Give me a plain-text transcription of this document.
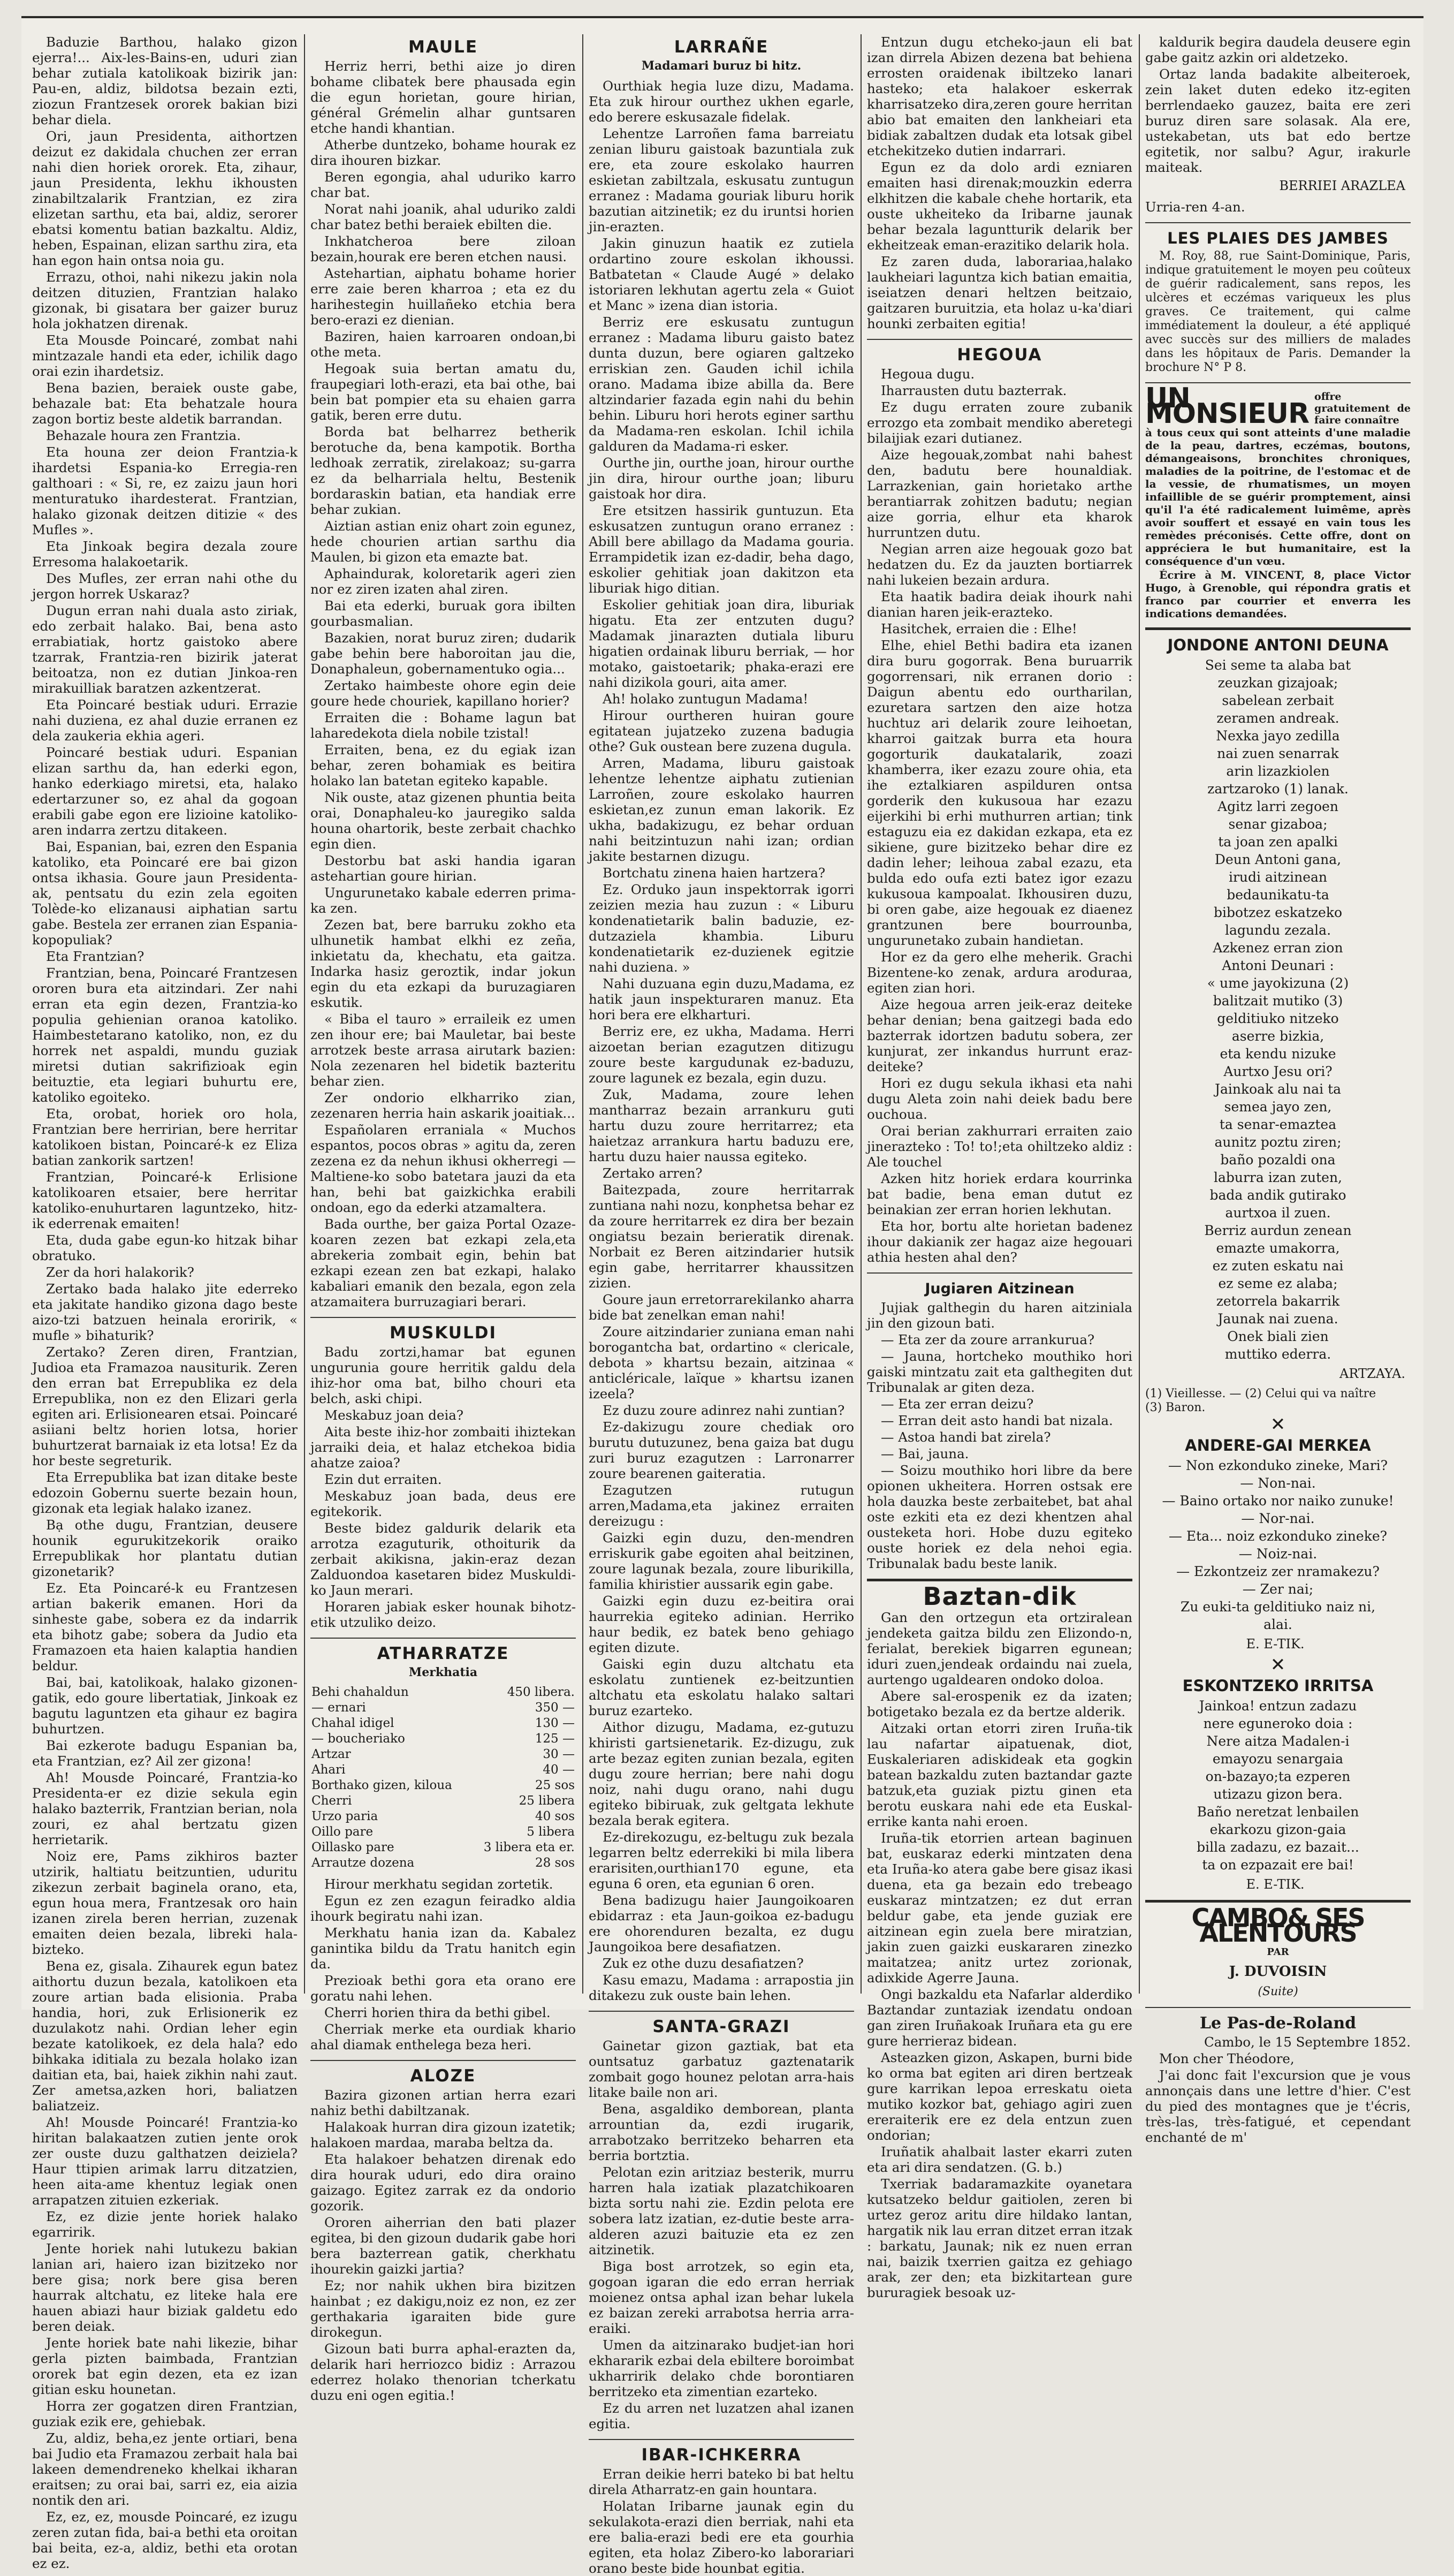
Baduzie Barthou, halako gizon ejerra!... Aix-les-Bains-en, uduri zian behar zutiala katolikoak bizirik jan: Pau-en, aldiz, bildotsa bezain ezti, ziozun Frantzesek ororek bakian bizi behar diela.

Ori, jaun Presidenta, aithortzen deizut ez dakidala chuchen zer erran nahi dien horiek ororek. Eta, zihaur, jaun Presidenta, lekhu ikhousten zinabiltzalarik Frantzian, ez zira elizetan sarthu, eta bai, aldiz, serorer ebatsi komentu batian bazkaltu. Aldiz, heben, Espainan, elizan sarthu zira, eta han egon hain ontsa noia gu.

Errazu, othoi, nahi nikezu jakin nola deitzen dituzien, Frantzian halako gizonak, bi gisatara ber gaizer buruz hola jokhatzen direnak.

Eta Mousde Poincaré, zombat nahi mintzazale handi eta eder, ichilik dago orai ezin ihardetsiz.

Bena bazien, beraiek ouste gabe, behazale bat: Eta behatzale houra zagon bortiz beste aldetik barrandan.

Behazale houra zen Frantzia.

Eta houna zer deion Frantzia-k ihardetsi Espania-ko Erregia-ren galthoari : « Si, re, ez zaizu jaun hori menturatuko ihardesterat. Frantzian, halako gizonak deitzen ditizie « des Mufles ».

Eta Jinkoak begira dezala zoure Erresoma halakoetarik.

Des Mufles, zer erran nahi othe du jergon horrek Uskaraz?

Dugun erran nahi duala asto ziriak, edo zerbait halako. Bai, bena asto errabiatiak, hortz gaistoko abere tzarrak, Frantzia-ren bizirik jaterat beitoatza, non ez dutian Jinkoa-ren mirakuilliak baratzen azkentzerat.

Eta Poincaré bestiak uduri. Errazie nahi duziena, ez ahal duzie erranen ez dela zaukeria ekhia ageri.

Poincaré bestiak uduri. Espanian elizan sarthu da, han ederki egon, hanko ederkiago miretsi, eta, halako edertarzuner so, ez ahal da gogoan erabili gabe egon ere lizioine katoliko-aren indarra zertzu ditakeen.

Bai, Espanian, bai, ezren den Espania katoliko, eta Poincaré ere bai gizon ontsa ikhasia. Goure jaun Presidenta-ak, pentsatu du ezin zela egoiten Tolède-ko elizanausi aiphatian sartu gabe. Bestela zer erranen zian Espania-kopopuliak?

Eta Frantzian?

Frantzian, bena, Poincaré Frantzesen ororen bura eta aitzindari. Zer nahi erran eta egin dezen, Frantzia-ko populia gehienian oranoa katoliko. Haimbestetarano katoliko, non, ez du horrek net aspaldi, mundu guziak miretsi dutian sakrifizioak egin beituztie, eta legiari buhurtu ere, katoliko egoiteko.

Eta, orobat, horiek oro hola, Frantzian bere herririan, bere herritar katolikoen bistan, Poincaré-k ez Eliza batian zankorik sartzen!

Frantzian, Poincaré-k Erlisione katolikoaren etsaier, bere herritar katoliko-enuhurtaren laguntzeko, hitz-ik ederrenak emaiten!

Eta, duda gabe egun-ko hitzak bihar obratuko.

Zer da hori halakorik?

Zertako bada halako jite ederreko eta jakitate handiko gizona dago beste aizo-tzi batzuen heinala eroririk, « mufle » bihaturik?

Zertako? Zeren diren, Frantzian, Judioa eta Framazoa nausiturik. Zeren den erran bat Errepublika ez dela Errepublika, non ez den Elizari gerla egiten ari. Erlisionearen etsai. Poincaré asiiani beltz horien lotsa, horier buhurtzerat barnaiak iz eta lotsa! Ez da hor beste segreturik.

Eta Errepublika bat izan ditake beste edozoin Gobernu suerte bezain houn, gizonak eta legiak halako izanez.

Bạ othe dugu, Frantzian, deusere hounik egurukitzekorik oraiko Errepublikak hor plantatu dutian gizonetarik?

Ez. Eta Poincaré-k eu Frantzesen artian bakerik emanen. Hori da sinheste gabe, sobera ez da indarrik eta bihotz gabe; sobera da Judio eta Framazoen eta haien kalaptia handien beldur.

Bai, bai, katolikoak, halako gizonen-gatik, edo goure libertatiak, Jinkoak ez bagutu laguntzen eta gihaur ez bagira buhurtzen.

Bai ezkerote badugu Espanian ba, eta Frantzian, ez? Ail zer gizona!

Ah! Mousde Poincaré, Frantzia-ko Presidenta-er ez dizie sekula egin halako bazterrik, Frantzian berian, nola zouri, ez ahal bertzatu gizen herrietarik.

Noiz ere, Pams zikhiros bazter utzirik, haltiatu beitzuntien, uduritu zikezun zerbait baginela orano, eta, egun houa mera, Frantzesak oro hain izanen zirela beren herrian, zuzenak emaiten deien bezala, libreki hala-bizteko.

Bena ez, gisala. Zihaurek egun batez aithortu duzun bezala, katolikoen eta zoure artian bada elisionia. Praba handia, hori, zuk Erlisionerik ez duzulakotz nahi. Ordian leher egin bezate katolikoek, ez dela hala? edo bihkaka iditiala zu bezala holako izan daitian eta, bai, haiek zikhin nahi zaut. Zer ametsa,azken hori, baliatzen baliatzeiz.

Ah! Mousde Poincaré! Frantzia-ko hiritan balakaatzen zutien jente orok zer ouste duzu galthatzen deiziela? Haur ttipien arimak larru ditzatzien, heen aita-ame khentuz legiak onen arrapatzen zituien ezkeriak.

Ez, ez dizie jente horiek halako egarririk.

Jente horiek nahi lutukezu bakian lanian ari, haiero izan bizitzeko nor bere gisa; nork bere gisa beren haurrak altchatu, ez liteke hala ere hauen abiazi haur biziak galdetu edo beren deiak.

Jente horiek bate nahi likezie, bihar gerla pizten baimbada, Frantzian ororek bat egin dezen, eta ez izan gitian esku hounetan.

Horra zer gogatzen diren Frantzian, guziak ezik ere, gehiebak.

Zu, aldiz, beha,ez jente ortiari, bena bai Judio eta Framazou zerbait hala bai lakeen demendreneko khelkai ikharan eraitsen; zu orai bai, sarri ez, eia aizia nontik den ari.

Ez, ez, ez, mousde Poincaré, ez izugu zeren zutan fida, bai-a bethi eta oroitan bai beita, ez-a, aldiz, bethi eta orotan ez ez.

MAULE

Herriz herri, bethi aize jo diren bohame clibatek bere phausada egin die egun horietan, goure hirian, général Grémelin alhar guntsaren etche handi khantian.

Atherbe duntzeko, bohame hourak ez dira ihouren bizkar.

Beren egongia, ahal uduriko karro char bat.

Norat nahi joanik, ahal uduriko zaldi char batez bethi beraiek ebilten die.

Inkhatcheroa bere ziloan bezain,hourak ere beren etchen nausi.

Astehartian, aiphatu bohame horier erre zaie beren kharroa ; eta ez du harihestegin huillañeko etchia bera bero-erazi ez dienian.

Baziren, haien karroaren ondoan,bi othe meta.

Hegoak suia bertan amatu du, fraupegiari loth-erazi, eta bai othe, bai bein bat pompier eta su ehaien garra gatik, beren erre dutu.

Borda bat belharrez betherik berotuche da, bena kampotik. Bortha ledhoak zerratik, zirelakoaz; su-garra ez da belharriala heltu, Bestenik bordaraskin batian, eta handiak erre behar zukian.

Aiztian astian eniz ohart zoin egunez, hede chourien artian sarthu dia Maulen, bi gizon eta emazte bat.

Aphaindurak, koloretarik ageri zien nor ez ziren izaten ahal ziren.

Bai eta ederki, buruak gora ibilten gourbasmalian.

Bazakien, norat buruz ziren; dudarik gabe behin bere haboroitan jau die, Donaphaleun, gobernamentuko ogia...

Zertako haimbeste ohore egin deie goure hede chouriek, kapillano horier?

Erraiten die : Bohame lagun bat laharedekota diela nobile tzistal!

Erraiten, bena, ez du egiak izan behar, zeren bohamiak es beitira holako lan batetan egiteko kapable.

Nik ouste, ataz gizenen phuntia beita orai, Donaphaleu-ko jauregiko salda houna ohartorik, beste zerbait chachko egin dien.

Destorbu bat aski handia igaran astehartian goure hirian.

Ungurunetako kabale ederren prima-ka zen.

Zezen bat, bere barruku zokho eta ulhunetik hambat elkhi ez zeña, inkietatu da, khechatu, eta gaitza. Indarka hasiz geroztik, indar jokun egin du eta ezkapi da buruzagiaren eskutik.

« Biba el tauro » erraileik ez umen zen ihour ere; bai Mauletar, bai beste arrotzek beste arrasa airutark bazien: Nola zezenaren hel bidetik bazteritu behar zien.

Zer ondorio elkharriko zian, zezenaren herria hain askarik joaitiak...

Españolaren erraniala « Muchos espantos, pocos obras » agitu da, zeren zezena ez da nehun ikhusi okherregi — Maltiene-ko sobo batetara jauzi da eta han, behi bat gaizkichka erabili ondoan, ego da ederki atzamaltera.

Bada ourthe, ber gaiza Portal Ozaze-koaren zezen bat ezkapi zela,eta abrekeria zombait egin, behin bat ezkapi ezean zen bat ezkapi, halako kabaliari emanik den bezala, egon zela atzamaitera burruzagiari berari.

MUSKULDI

Badu zortzi,hamar bat egunen ungurunia goure herritik galdu dela ihiz-hor oma bat, bilho chouri eta belch, aski chipi.

Meskabuz joan deia?

Aita beste ihiz-hor zombaiti ihiztekan jarraiki deia, et halaz etchekoa bidia ahatze zaioa?

Ezin dut erraiten.

Meskabuz joan bada, deus ere egitekorik.

Beste bidez galdurik delarik eta arrotza ezaguturik, othoiturik da zerbait akikisna, jakin-eraz dezan Zalduondoa kasetaren bidez Muskuldi-ko Jaun merari.

Horaren jabiak esker hounak bihotz-etik utzuliko deizo.

ATHARRATZE
Merkhatia
Behi chahaldun	450 libera.
— ernari	350 —
Chahal idigel	130 —
— boucheriako	125 —
Artzar	30 —
Ahari	40 —
Borthako gizen, kiloua	25 sos
Cherri	25 libera
Urzo paria	40 sos
Oillo pare	5 libera
Oillasko pare	3 libera eta er.
Arrautze dozena	28 sos

Hirour merkhatu segidan zortetik.

Egun ez zen ezagun feiradko aldia ihourk begiratu nahi izan.

Merkhatu hania izan da. Kabalez ganintika bildu da Tratu hanitch egin da.

Prezioak bethi gora eta orano ere goratu nahi lehen.

Cherri horien thira da bethi gibel.

Cherriak merke eta ourdiak khario ahal diamak enthelega beza heri.

ALOZE

Bazira gizonen artian herra ezari nahiz bethi dabiltzanak.

Halakoak hurran dira gizoun izatetik; halakoen mardaa, maraba beltza da.

Eta halakoer behatzen direnak edo dira hourak uduri, edo dira oraino gaizago. Egitez zarrak ez da ondorio gozorik.

Ororen aiherrian den bati plazer egitea, bi den gizoun dudarik gabe hori bera bazterrean gatik, cherkhatu ihourekin gaizki jartia?

Ez; nor nahik ukhen bira bizitzen hainbat ; ez dakigu,noiz ez non, ez zer gerthakaria igaraiten bide gure dirokegun.

Gizoun bati burra aphal-erazten da, delarik hari herriozco bidiz : Arrazou ederrez holako thenorian tcherkatu duzu eni ogen egitia.!

LARRAÑE
Madamari buruz bi hitz.

Ourthiak hegia luze dizu, Madama. Eta zuk hirour ourthez ukhen egarle, edo berere eskusazale fidelak.

Lehentze Larroñen fama barreiatu zenian liburu gaistoak bazuntiala zuk ere, eta zoure eskolako haurren eskietan zabiltzala, eskusatu zuntugun erranez : Madama gouriak liburu horik bazutian aitzinetik; ez du iruntsi horien jin-erazten.

Jakin ginuzun haatik ez zutiela ordartino zoure eskolan ikhoussi. Batbatetan « Claude Augé » delako istoriaren lekhutan agertu zela « Guiot et Manc » izena dian istoria.

Berriz ere eskusatu zuntugun erranez : Madama liburu gaisto batez dunta duzun, bere ogiaren galtzeko erriskian zen. Gauden ichil ichila orano. Madama ibize abilla da. Bere altzindarier fazada egin nahi du behin behin. Liburu hori herots eginer sarthu da Madama-ren eskolan. Ichil ichila galduren da Madama-ri esker.

Ourthe jin, ourthe joan, hirour ourthe jin dira, hirour ourthe joan; liburu gaistoak hor dira.

Ere etsitzen hassirik guntuzun. Eta eskusatzen zuntugun orano erranez : Abill bere abillago da Madama gouria. Errampidetik izan ez-dadir, beha dago, eskolier gehitiak joan dakitzon eta liburiak higo ditian.

Eskolier gehitiak joan dira, liburiak higatu. Eta zer entzuten dugu? Madamak jinarazten dutiala liburu higatien ordainak liburu berriak, — hor motako, gaistoetarik; phaka-erazi ere nahi dizikola gouri, aita amer.

Ah! holako zuntugun Madama!

Hirour ourtheren huiran goure egitatean jujatzeko zuzena badugia othe? Guk oustean bere zuzena dugula.

Arren, Madama, liburu gaistoak lehentze lehentze aiphatu zutienian Larroñen, zoure eskolako haurren eskietan,ez zunun eman lakorik. Ez ukha, badakizugu, ez behar orduan nahi beitzintuzun nahi izan; ordian jakite bestarnen dizugu.

Bortchatu zinena haien hartzera?

Ez. Orduko jaun inspektorrak igorri zeizien mezia hau zuzun : « Liburu kondenatietarik balin baduzie, ez-dutzaziela khambia. Liburu kondenatietarik ez-duzienek egitzie nahi duziena. »

Nahi duzuana egin duzu,Madama, ez hatik jaun inspekturaren manuz. Eta hori bera ere elkharturi.

Berriz ere, ez ukha, Madama. Herri aizoetan berian ezagutzen ditizugu zoure beste kargudunak ez-baduzu, zoure lagunek ez bezala, egin duzu.

Zuk, Madama, zoure lehen mantharraz bezain arrankuru guti hartu duzu zoure herritarrez; eta haietzaz arrankura hartu baduzu ere, hartu duzu haier naussa egiteko.

Zertako arren?

Baitezpada, zoure herritarrak zuntiana nahi nozu, konphetsa behar ez da zoure herritarrek ez dira ber bezain ongiatsu bezain berieratik direnak. Norbait ez Beren aitzindarier hutsik egin gabe, herritarrer khaussitzen zizien.

Goure jaun erretorrarekilanko aharra bide bat zenelkan eman nahi!

Zoure aitzindarier zuniana eman nahi borogantcha bat, ordartino « clericale, debota » khartsu bezain, aitzinaa « anticléricale, laïque » khartsu izanen izeela?

Ez duzu zoure adinrez nahi zuntian?

Ez-dakizugu zoure chediak oro burutu dutuzunez, bena gaiza bat dugu zuri buruz ezagutzen : Larronarrer zoure bearenen gaiteratia.

Ezagutzen rutugun arren,Madama,eta jakinez erraiten dereizugu :

Gaizki egin duzu, den-mendren erriskurik gabe egoiten ahal beitzinen, zoure lagunak bezala, zoure liburikilla, familia khiristier aussarik egin gabe.

Gaizki egin duzu ez-beitira orai haurrekia egiteko adinian. Herriko haur bedik, ez batek beno gehiago egiten dizute.

Gaiski egin duzu altchatu eta eskolatu zuntienek ez-beitzuntien altchatu eta eskolatu halako saltari buruz ezarteko.

Aithor dizugu, Madama, ez-gutuzu khiristi gartsienetarik. Ez-dizugu, zuk arte bezaz egiten zunian bezala, egiten dugu zoure herrian; bere nahi dogu noiz, nahi dugu orano, nahi dugu egiteko bibiruak, zuk geltgata lekhute bezala berak egitera.

Ez-direkozugu, ez-beltugu zuk bezala legarren beltz ederrekiki bi mila libera erarisiten,ourthian170 egune, eta eguna 6 oren, eta egunian 6 oren.

Bena badizugu haier Jaungoikoaren ebidarraz : eta Jaun-goikoa ez-badugu ere ohorenduren bezalta, ez dugu Jaungoikoa bere desafiatzen.

Zuk ez othe duzu desafiatzen?

Kasu emazu, Madama : arrapostia jin ditakezu zuk ouste bain lehen.

SANTA-GRAZI

Gainetar gizon gaztiak, bat eta ountsatuz garbatuz gaztenatarik zombait gogo hounez pelotan arra-hais litake baile non ari.

Bena, asgaldiko demborean, planta arrountian da, ezdi irugarik, arrabotzako berritzeko beharren eta berria bortztia.

Pelotan ezin aritziaz besterik, murru harren hala izatiak plazatchikoaren bizta sortu nahi zie. Ezdin pelota ere sobera latz izatian, ez-dutie beste arra-alderen azuzi baituzie eta ez zen aitzinetik.

Biga bost arrotzek, so egin eta, gogoan igaran die edo erran herriak moienez ontsa aphal izan behar lukela ez baizan zereki arrabotsa herria arra-eraiki.

Umen da aitzinarako budjet-ian hori ekhararik ezbai dela ebiltere boroimbat ukharririk delako chde borontiaren berritzeko eta zimentian ezarteko.

Ez du arren net luzatzen ahal izanen egitia.

IBAR-ICHKERRA

Erran deikie herri bateko bi bat heltu direla Atharratz-en gain hountara.

Holatan Iribarne jaunak egin du sekulakota-erazi dien berriak, nahi eta ere balia-erazi bedi ere eta gourhia egiten, eta holaz Zibero-ko laborariari orano beste bide hounbat egitia.

Entzun dugu etcheko-jaun eli bat izan dirrela Abizen dezena bat behiena errosten oraidenak ibiltzeko lanari hasteko; eta halakoer eskerrak kharrisatzeko dira,zeren goure herritan abio bat emaiten den lankheiari eta bidiak zabaltzen dudak eta lotsak gibel etchekitzeko dutien indarrari.

Egun ez da dolo ardi ezniaren emaiten hasi direnak;mouzkin ederra elkhitzen die kabale chehe hortarik, eta ouste ukheiteko da Iribarne jaunak behar bezala laguntturik delarik ber ekheitzeak eman-erazitiko delarik hola.

Ez zaren duda, laborariaa,halako laukheiari laguntza kich batian emaitia, iseiatzen denari heltzen beitzaio, gaitzaren buruitzia, eta holaz u-ka'diari hounki zerbaiten egitia!

HEGOUA

Hegoua dugu.

Iharrausten dutu bazterrak.

Ez dugu erraten zoure zubanik errozgo eta zombait mendiko aberetegi bilaijiak ezari dutianez.

Aize hegouak,zombat nahi bahest den, badutu bere hounaldiak. Larrazkenian, gain horietako arthe berantiarrak zohitzen badutu; negian aize gorria, elhur eta kharok hurruntzen dutu.

Negian arren aize hegouak gozo bat hedatzen du. Ez da jauzten bortiarrek nahi lukeien bezain ardura.

Eta haatik badira deiak ihourk nahi dianian haren jeik-erazteko.

Hasitchek, erraien die : Elhe!

Elhe, ehiel Bethi badira eta izanen dira buru gogorrak. Bena buruarrik gogorrensari, nik erranen dorio : Daigun abentu edo ourtharilan, ezuretara sartzen den aize hotza huchtuz ari delarik zoure leihoetan, kharroi gaitzak burra eta houra gogorturik daukatalarik, zoazi khamberra, iker ezazu zoure ohia, eta ihe eztalkiaren aspilduren ontsa gorderik den kukusoua har ezazu eijerkihi bi erhi muthurren artian; tink estaguzu eia ez dakidan ezkapa, eta ez sikiene, gure bizitzeko behar dire ez dadin leher; leihoua zabal ezazu, eta bulda edo oufa ezti batez igor ezazu kukusoua kampoalat. Ikhousiren duzu, bi oren gabe, aize hegouak ez diaenez grantzunen bere bourrounba, ungurunetako zubain handietan.

Hor ez da gero elhe meherik. Grachi Bizentene-ko zenak, ardura aroduraa, egiten zian hori.

Aize hegoua arren jeik-eraz deiteke behar denian; bena gaitzegi bada edo bazterrak idortzen badutu sobera, zer kunjurat, zer inkandus hurrunt eraz-deiteke?

Hori ez dugu sekula ikhasi eta nahi dugu Aleta zoin nahi deiek badu bere ouchoua.

Orai berian zakhurrari erraiten zaio jinerazteko : To! to!;eta ohiltzeko aldiz : Ale touchel

Azken hitz horiek erdara kourrinka bat badie, bena eman dutut ez beinakian zer erran horien lekhutan.

Eta hor, bortu alte horietan badenez ihour dakianik zer hagaz aize hegouari athia hesten ahal den?

Jugiaren Aitzinean

Jujiak galthegin du haren aitziniala jin den gizoun bati.

— Eta zer da zoure arrankurua?

— Jauna, hortcheko mouthiko hori gaiski mintzatu zait eta galthegiten dut Tribunalak ar giten deza.

— Eta zer erran deizu?

— Erran deit asto handi bat nizala.

— Astoa handi bat zirela?

— Bai, jauna.

— Soizu mouthiko hori libre da bere opionen ukheitera. Horren ostsak ere hola dauzka beste zerbaitebet, bat ahal oste ezkiti eta ez dezi khentzen ahal ousteketa hori. Hobe duzu egiteko ouste horiek ez dela nehoi egia. Tribunalak badu beste lanik.

Baztan-dik

Gan den ortzegun eta ortziralean jendeketa gaitza bildu zen Elizondo-n, ferialat, berekiek bigarren egunean; iduri zuen,jendeak ordaindu nai zuela, aurtengo ugaldearen ondoko doloa.

Abere sal-erospenik ez da izaten; botigetako bezala ez da bertze alderik.

Aitzaki ortan etorri ziren Iruña-tik lau nafartar aipatuenak, diot, Euskaleriaren adiskideak eta gogkin batean bazkaldu zuten baztandar gazte batzuk,eta guziak piztu ginen eta berotu euskara nahi ede eta Euskal-errike kanta nahi eroen.

Iruña-tik etorrien artean baginuen bat, euskaraz ederki mintzaten dena eta Iruña-ko atera gabe bere gisaz ikasi duena, eta ga bezain edo trebeago euskaraz mintzatzen; ez dut erran beldur gabe, eta jende guziak ere aitzinean egin zuela bere miratzian, jakin zuen gaizki euskararen zinezko maitatzea; anitz urtez zorionak, adixkide Agerre Jauna.

Ongi bazkaldu eta Nafarlar alderdiko Baztandar zuntaziak izendatu ondoan gan ziren Iruñakoak Iruñara eta gu ere gure herrieraz bidean.

Asteazken gizon, Askapen, burni bide ko orma bat egiten ari diren bertzeak gure karrikan lepoa erreskatu oieta mutiko kozkor bat, gehiago agiri zuen ereraiterik ere ez dela entzun zuen ondorian;

Iruñatik ahalbait laster ekarri zuten eta ari dira sendatzen. (G. b.)

Txerriak badaramazkite oyanetara kutsatzeko beldur gaitiolen, zeren bi urtez geroz aritu dire hildako lantan, hargatik nik lau erran ditzet erran itzak : barkatu, Jaunak; nik ez nuen erran nai, baizik txerrien gaitza ez gehiago arak, zer den; eta bizkitartean gure bururagiek besoak uz-

kaldurik begira daudela deusere egin gabe gaitz azkin ori aldetzeko.

Ortaz landa badakite albeiteroek, zein laket duten edeko itz-egiten berrlendaeko gauzez, baita ere zeri buruz diren sare solasak. Ala ere, ustekabetan, uts bat edo bertze egitetik, nor salbu? Agur, irakurle maiteak.

BERRIEI ARAZLEA

Urria-ren 4-an.

LES PLAIES DES JAMBES

M. Roy, 88, rue Saint-Dominique, Paris, indique gratuitement le moyen peu coûteux de guérir radicalement, sans repos, les ulcères et eczémas variqueux les plus graves. Ce traitement, qui calme immédiatement la douleur, a été appliqué avec succès sur des milliers de malades dans les hôpitaux de Paris. Demander la brochure N° P 8.

UN MONSIEUR
offre gratuitement de faire connaître

à tous ceux qui sont atteints d'une maladie de la peau, dartres, eczémas, boutons, démangeaisons, bronchites chroniques, maladies de la poitrine, de l'estomac et de la vessie, de rhumatismes, un moyen infaillible de se guérir promptement, ainsi qu'il l'a été radicalement luimême, après avoir souffert et essayé en vain tous les remèdes préconisés. Cette offre, dont on appréciera le but humanitaire, est la conséquence d'un vœu.

Écrire à M. VINCENT, 8, place Victor Hugo, à Grenoble, qui répondra gratis et franco par courrier et enverra les indications demandées.

JONDONE ANTONI DEUNA
Sei seme ta alaba bat
zeuzkan gizajoak;
sabelean zerbait
zeramen andreak.
Nexka jayo zedilla
nai zuen senarrak
arin lizazkiolen
zartzaroko (1) lanak.
Agitz larri zegoen
senar gizaboa;
ta joan zen apalki
Deun Antoni gana,
irudi aitzinean
bedaunikatu-ta
bibotzez eskatzeko
lagundu zezala.
Azkenez erran zion
Antoni Deunari :
« ume jayokizuna (2)
balitzait mutiko (3)
gelditiuko nitzeko
aserre bizkia,
eta kendu nizuke
Aurtxo Jesu ori?
Jainkoak alu nai ta
semea jayo zen,
ta senar-emaztea
aunitz poztu ziren;
baño pozaldi ona
laburra izan zuten,
bada andik gutirako
aurtxoa il zuen.
Berriz aurdun zenean
emazte umakorra,
ez zuten eskatu nai
ez seme ez alaba;
zetorrela bakarrik
Jaunak nai zuena.
Onek biali zien
muttiko ederra.
ARTZAYA.
(1) Vieillesse. — (2) Celui qui va naître
(3) Baron.
✕
ANDERE-GAI MERKEA
— Non ezkonduko zineke, Mari?
— Non-nai.
— Baino ortako nor naiko zunuke!
— Nor-nai.
— Eta... noiz ezkonduko zineke?
— Noiz-nai.
— Ezkontzeiz zer nramakezu?
— Zer nai;
Zu euki-ta gelditiuko naiz ni,
alai.
E. E-TIK.
✕
ESKONTZEKO IRRITSA
Jainkoa! entzun zadazu
nere eguneroko doia :
Nere aitza Madalen-i
emayozu senargaia
on-bazayo;ta ezperen
utizazu gizon bera.
Baño neretzat lenbailen
ekarkozu gizon-gaia
billa zadazu, ez bazait...
ta on ezpazait ere bai!
E. E-TIK.
CAMBO& SES ALENTOURS
PAR
J. DUVOISIN
(Suite)
Le Pas-de-Roland

Cambo, le 15 Septembre 1852.

Mon cher Théodore,

J'ai donc fait l'excursion que je vous annonçais dans une lettre d'hier. C'est du pied des montagnes que je t'écris, très-las, très-fatigué, et cependant enchanté de m'
